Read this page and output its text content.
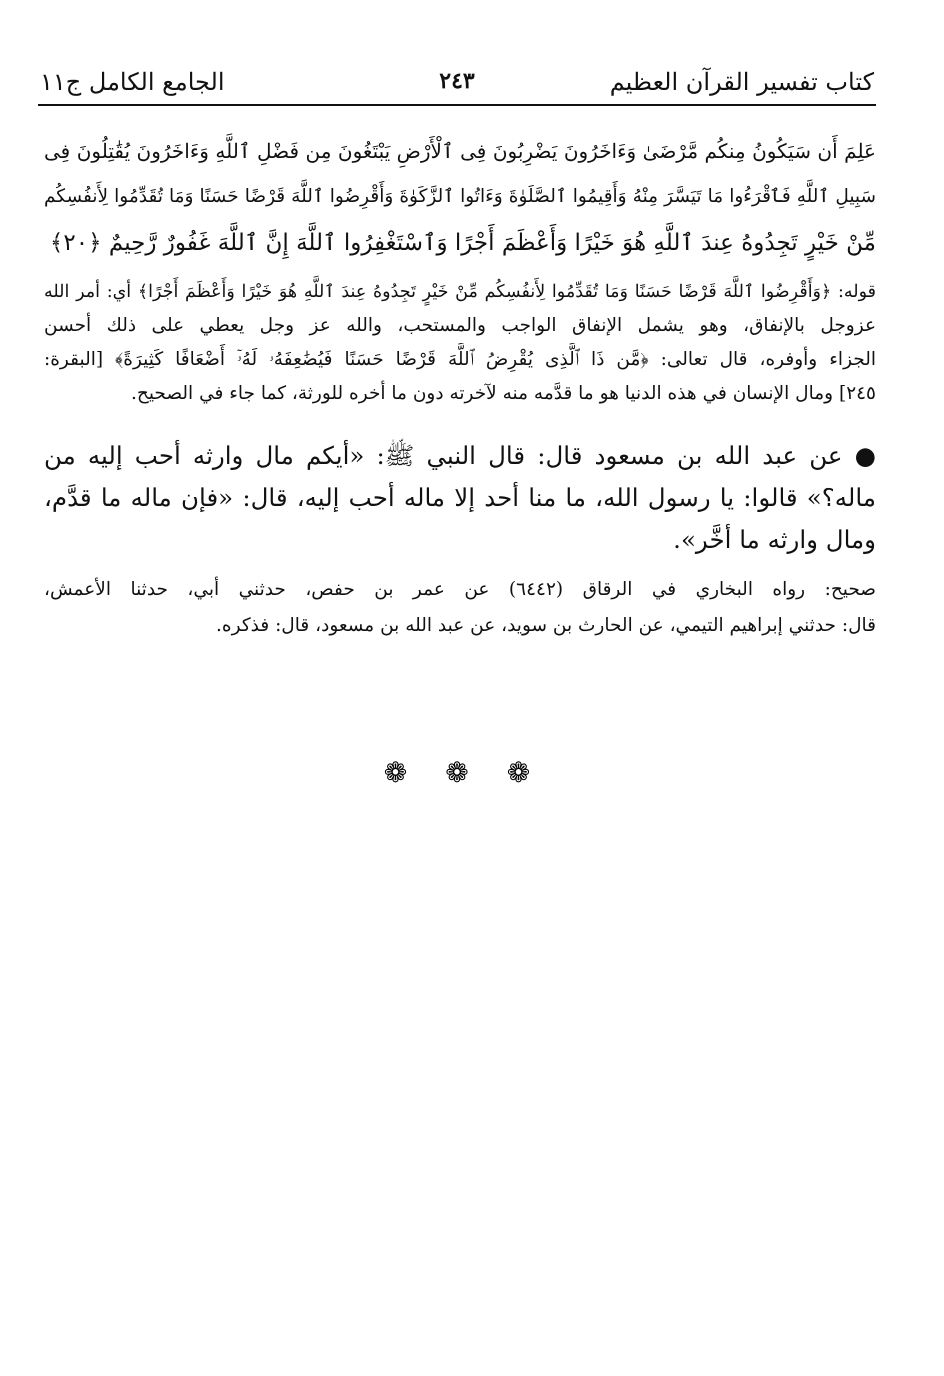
كتاب تفسير القرآن العظيم
٢٤٣
الجامع الكامل ج١١
عَلِمَ أَن سَيَكُونُ مِنكُم مَّرْضَىٰ وَءَاخَرُونَ يَضْرِبُونَ فِى ٱلْأَرْضِ يَبْتَغُونَ مِن فَضْلِ ٱللَّهِ وَءَاخَرُونَ يُقَٰتِلُونَ فِى
سَبِيلِ ٱللَّهِ فَٱقْرَءُوا مَا تَيَسَّرَ مِنْهُ وَأَقِيمُوا ٱلصَّلَوٰةَ وَءَاتُوا ٱلزَّكَوٰةَ وَأَقْرِضُوا ٱللَّهَ قَرْضًا حَسَنًا وَمَا تُقَدِّمُوا لِأَنفُسِكُم
مِّنْ خَيْرٍ تَجِدُوهُ عِندَ ٱللَّهِ هُوَ خَيْرًا وَأَعْظَمَ أَجْرًا وَٱسْتَغْفِرُوا ٱللَّهَ إِنَّ ٱللَّهَ غَفُورٌ رَّحِيمٌ ﴿٢٠﴾
قوله: ﴿وَأَقْرِضُوا ٱللَّهَ قَرْضًا حَسَنًا وَمَا تُقَدِّمُوا لِأَنفُسِكُم مِّنْ خَيْرٍ تَجِدُوهُ عِندَ ٱللَّهِ هُوَ خَيْرًا وَأَعْظَمَ أَجْرًا﴾ أي: أمر الله
عزوجل بالإنفاق، وهو يشمل الإنفاق الواجب والمستحب، والله عز وجل يعطي على ذلك أحسن
الجزاء وأوفره، قال تعالى: ﴿مَّن ذَا ٱلَّذِى يُقْرِضُ ٱللَّهَ قَرْضًا حَسَنًا فَيُضَٰعِفَهُۥ لَهُۥٓ أَضْعَافًا كَثِيرَةً﴾ [البقرة:
٢٤٥] ومال الإنسان في هذه الدنيا هو ما قدَّمه منه لآخرته دون ما أخره للورثة، كما جاء في الصحيح.
● عن عبد الله بن مسعود قال: قال النبي ﷺ: «أيكم مال وارثه أحب إليه من
ماله؟» قالوا: يا رسول الله، ما منا أحد إلا ماله أحب إليه، قال: «فإن ماله ما قدَّم،
ومال وارثه ما أخَّر».
صحيح: رواه البخاري في الرقاق (٦٤٤٢) عن عمر بن حفص، حدثني أبي، حدثنا الأعمش،
قال: حدثني إبراهيم التيمي، عن الحارث بن سويد، عن عبد الله بن مسعود، قال: فذكره.
❁ ❁ ❁
